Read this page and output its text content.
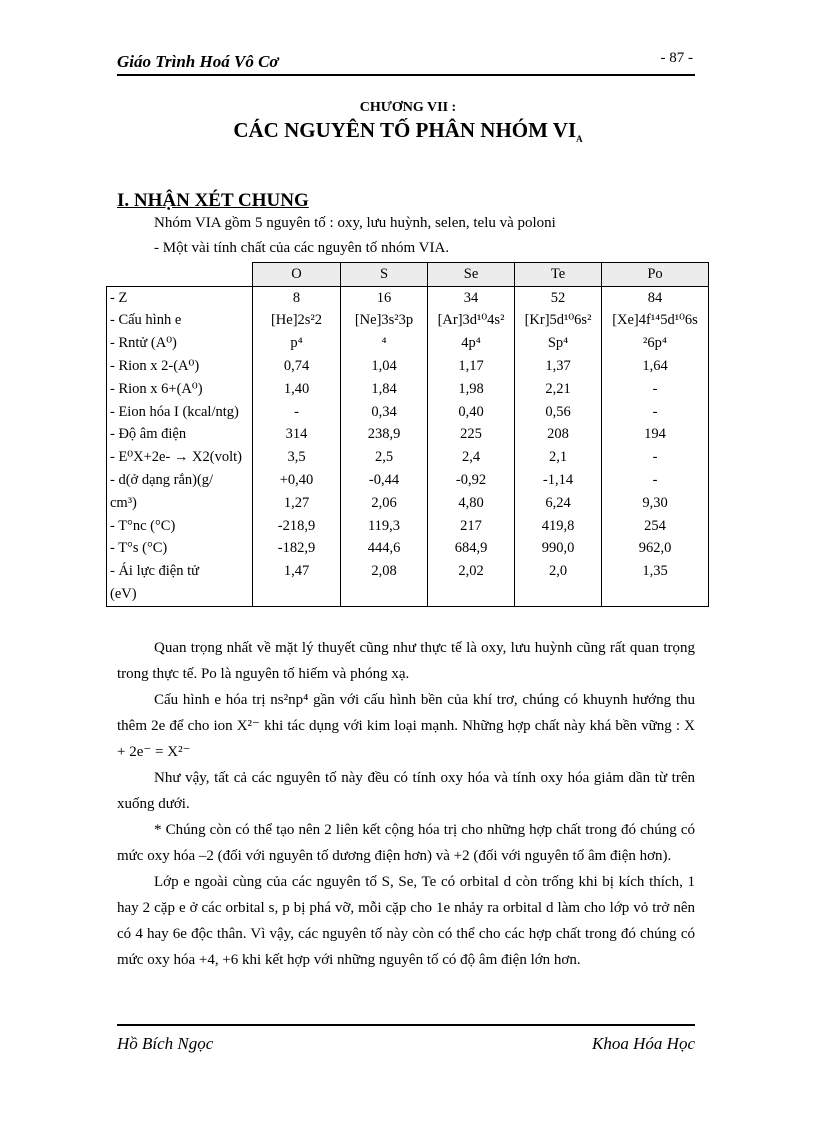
Giáo Trình Hoá Vô Cơ	- 87 -
CHƯƠNG VII :
CÁC NGUYÊN TỐ PHÂN NHÓM $VI_A$
I. NHẬN XÉT CHUNG
Nhóm VIA gồm 5 nguyên tố : oxy, lưu huỳnh, selen, telu và poloni
- Một vài tính chất của các nguyên tố nhóm VIA.
	O	S	Se	Te	Po
- Z	8	16	34	52	84
- Cấu hình e	[He]2s²2	[Ne]3s²3p	[Ar]3d¹⁰4s²	[Kr]5d¹⁰6s²	[Xe]4f¹⁴5d¹⁰6s
- Rntử (A⁰)	p⁴	⁴	4p⁴	Sp⁴	²6p⁴
- Rion x 2-(A⁰)	0,74	1,04	1,17	1,37	1,64
- Rion x 6+(A⁰)	1,40	1,84	1,98	2,21	-
- Eion hóa I (kcal/ntg)	-	0,34	0,40	0,56	-
- Độ âm điện	314	238,9	225	208	194
- E⁰X+2e- → X2(volt)	3,5	2,5	2,4	2,1	-
- d(ở dạng rắn)(g/	+0,40	-0,44	-0,92	-1,14	-
cm³)	1,27	2,06	4,80	6,24	9,30
- T°nc (°C)	-218,9	119,3	217	419,8	254
- T°s (°C)	-182,9	444,6	684,9	990,0	962,0
- Ái lực điện tử	1,47	2,08	2,02	2,0	1,35
(eV)					

Quan trọng nhất về mặt lý thuyết cũng như thực tế là oxy, lưu huỳnh cũng rất quan trọng trong thực tế. Po là nguyên tố hiếm và phóng xạ.

Cấu hình e hóa trị ns²np⁴ gần với cấu hình bền của khí trơ, chúng có khuynh hướng thu thêm 2e để cho ion X²⁻ khi tác dụng với kim loại mạnh. Những hợp chất này khá bền vững : X + 2e⁻ = X²⁻

Như vậy, tất cả các nguyên tố này đều có tính oxy hóa và tính oxy hóa giảm dần từ trên xuống dưới.

* Chúng còn có thể tạo nên 2 liên kết cộng hóa trị cho những hợp chất trong đó chúng có mức oxy hóa –2 (đối với nguyên tố dương điện hơn) và +2 (đối với nguyên tố âm điện hơn).

Lớp e ngoài cùng của các nguyên tố S, Se, Te có orbital d còn trống khi bị kích thích, 1 hay 2 cặp e ở các orbital s, p bị phá vỡ, mỗi cặp cho 1e nhảy ra orbital d làm cho lớp vỏ trở nên có 4 hay 6e độc thân. Vì vậy, các nguyên tố này còn có thể cho các hợp chất trong đó chúng có mức oxy hóa +4, +6 khi kết hợp với những nguyên tố có độ âm điện lớn hơn.

Hồ Bích Ngọc	Khoa Hóa Học
